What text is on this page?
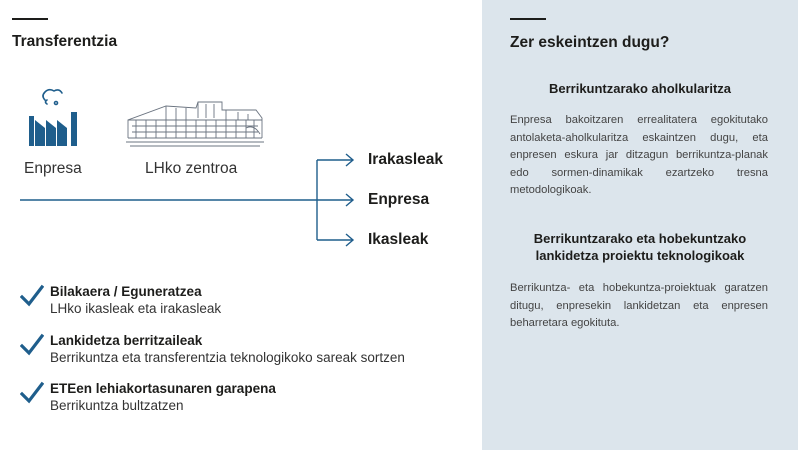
Transferentzia
Enpresa	LHko zentroa
Irakasleak
Enpresa
Ikasleak
Bilakaera / Eguneratzea
LHko ikasleak eta irakasleak
Lankidetza berritzaileak
Berrikuntza eta transferentzia teknologikoko sareak sortzen
ETEen lehiakortasunaren garapena
Berrikuntza bultzatzen
Zer eskeintzen dugu?
Berrikuntzarako aholkularitza
Enpresa bakoitzaren errealitatera egokitutako antolaketa-aholkularitza eskaintzen dugu, eta enpresen eskura jar ditzagun berrikuntza-planak edo sormen-dinamikak ezartzeko tresna metodologikoak.
Berrikuntzarako eta hobekuntzako lankidetza proiektu teknologikoak
Berrikuntza- eta hobekuntza-proiektuak garatzen ditugu, enpresekin lankidetzan eta enpresen beharretara egokituta.
